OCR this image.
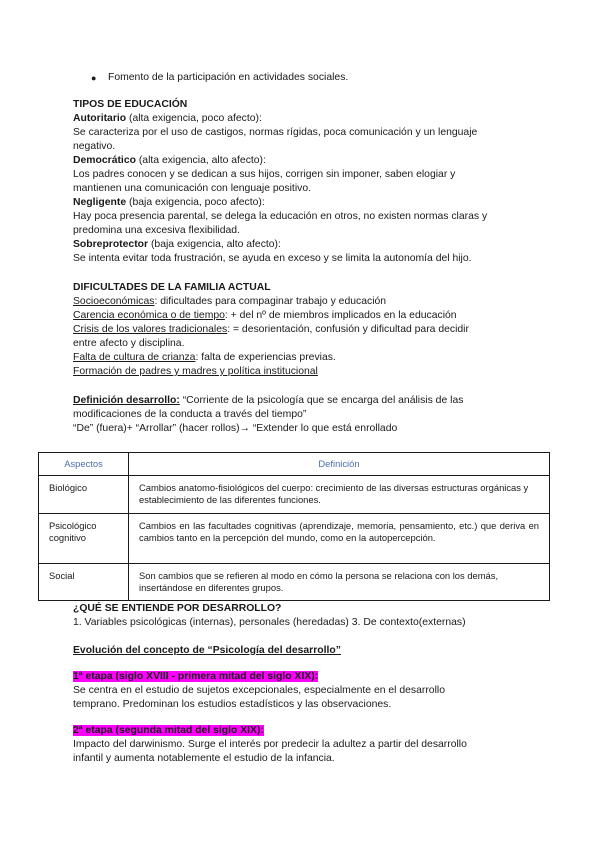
● Fomento de la participación en actividades sociales.
TIPOS DE EDUCACIÓN
Autoritario (alta exigencia, poco afecto):
Se caracteriza por el uso de castigos, normas rígidas, poca comunicación y un lenguaje
negativo.
Democrático (alta exigencia, alto afecto):
Los padres conocen y se dedican a sus hijos, corrigen sin imponer, saben elogiar y
mantienen una comunicación con lenguaje positivo.
Negligente (baja exigencia, poco afecto):
Hay poca presencia parental, se delega la educación en otros, no existen normas claras y
predomina una excesiva flexibilidad.
Sobreprotector (baja exigencia, alto afecto):
Se intenta evitar toda frustración, se ayuda en exceso y se limita la autonomía del hijo.
DIFICULTADES DE LA FAMILIA ACTUAL
Socioeconómicas: dificultades para compaginar trabajo y educación
Carencia económica o de tiempo: + del nº de miembros implicados en la educación
Crisis de los valores tradicionales: = desorientación, confusión y dificultad para decidir
entre afecto y disciplina.
Falta de cultura de crianza: falta de experiencias previas.
Formación de padres y madres y política institucional
Definición desarrollo: “Corriente de la psicología que se encarga del análisis de las
modificaciones de la conducta a través del tiempo”
“De” (fuera)+ “Arrollar” (hacer rollos)→ “Extender lo que está enrollado
Aspectos	Definición
Biológico	Cambios anatomo-fisiológicos del cuerpo: crecimiento de las diversas estructuras orgánicas y establecimiento de las diferentes funciones.
Psicológico cognitivo	Cambios en las facultades cognitivas (aprendizaje, memoria, pensamiento, etc.) que deriva en cambios tanto en la percepción del mundo, como en la autopercepción.
Social	Son cambios que se refieren al modo en cómo la persona se relaciona con los demás, insertándose en diferentes grupos.
¿QUÉ SE ENTIENDE POR DESARROLLO?
1. Variables psicológicas (internas), personales (heredadas) 3. De contexto(externas)
Evolución del concepto de “Psicología del desarrollo”
1ª etapa (siglo XVIII - primera mitad del siglo XIX):
Se centra en el estudio de sujetos excepcionales, especialmente en el desarrollo
temprano. Predominan los estudios estadísticos y las observaciones.
2ª etapa (segunda mitad del siglo XIX):
Impacto del darwinismo. Surge el interés por predecir la adultez a partir del desarrollo
infantil y aumenta notablemente el estudio de la infancia.
